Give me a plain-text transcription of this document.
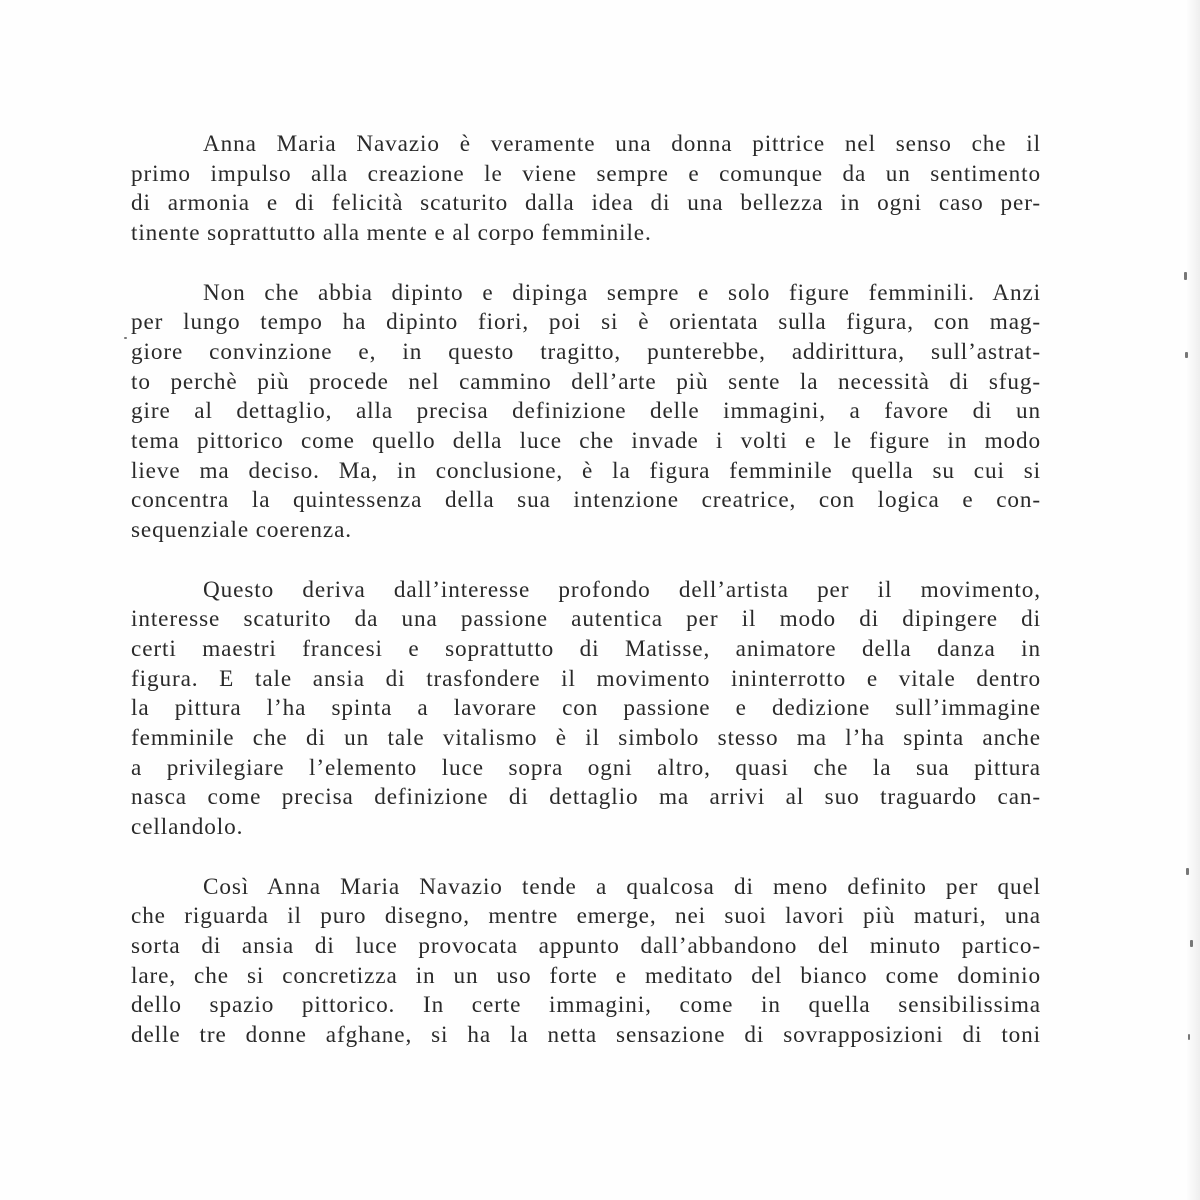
Anna Maria Navazio è veramente una donna pittrice nel senso che il
primo impulso alla creazione le viene sempre e comunque da un sentimento
di armonia e di felicità scaturito dalla idea di una bellezza in ogni caso per-
tinente soprattutto alla mente e al corpo femminile.
Non che abbia dipinto e dipinga sempre e solo figure femminili. Anzi
per lungo tempo ha dipinto fiori, poi si è orientata sulla figura, con mag-
giore convinzione e, in questo tragitto, punterebbe, addirittura, sull’astrat-
to perchè più procede nel cammino dell’arte più sente la necessità di sfug-
gire al dettaglio, alla precisa definizione delle immagini, a favore di un
tema pittorico come quello della luce che invade i volti e le figure in modo
lieve ma deciso. Ma, in conclusione, è la figura femminile quella su cui si
concentra la quintessenza della sua intenzione creatrice, con logica e con-
sequenziale coerenza.
Questo deriva dall’interesse profondo dell’artista per il movimento,
interesse scaturito da una passione autentica per il modo di dipingere di
certi maestri francesi e soprattutto di Matisse, animatore della danza in
figura. E tale ansia di trasfondere il movimento ininterrotto e vitale dentro
la pittura l’ha spinta a lavorare con passione e dedizione sull’immagine
femminile che di un tale vitalismo è il simbolo stesso ma l’ha spinta anche
a privilegiare l’elemento luce sopra ogni altro, quasi che la sua pittura
nasca come precisa definizione di dettaglio ma arrivi al suo traguardo can-
cellandolo.
Così Anna Maria Navazio tende a qualcosa di meno definito per quel
che riguarda il puro disegno, mentre emerge, nei suoi lavori più maturi, una
sorta di ansia di luce provocata appunto dall’abbandono del minuto partico-
lare, che si concretizza in un uso forte e meditato del bianco come dominio
dello spazio pittorico. In certe immagini, come in quella sensibilissima
delle tre donne afghane, si ha la netta sensazione di sovrapposizioni di toni
